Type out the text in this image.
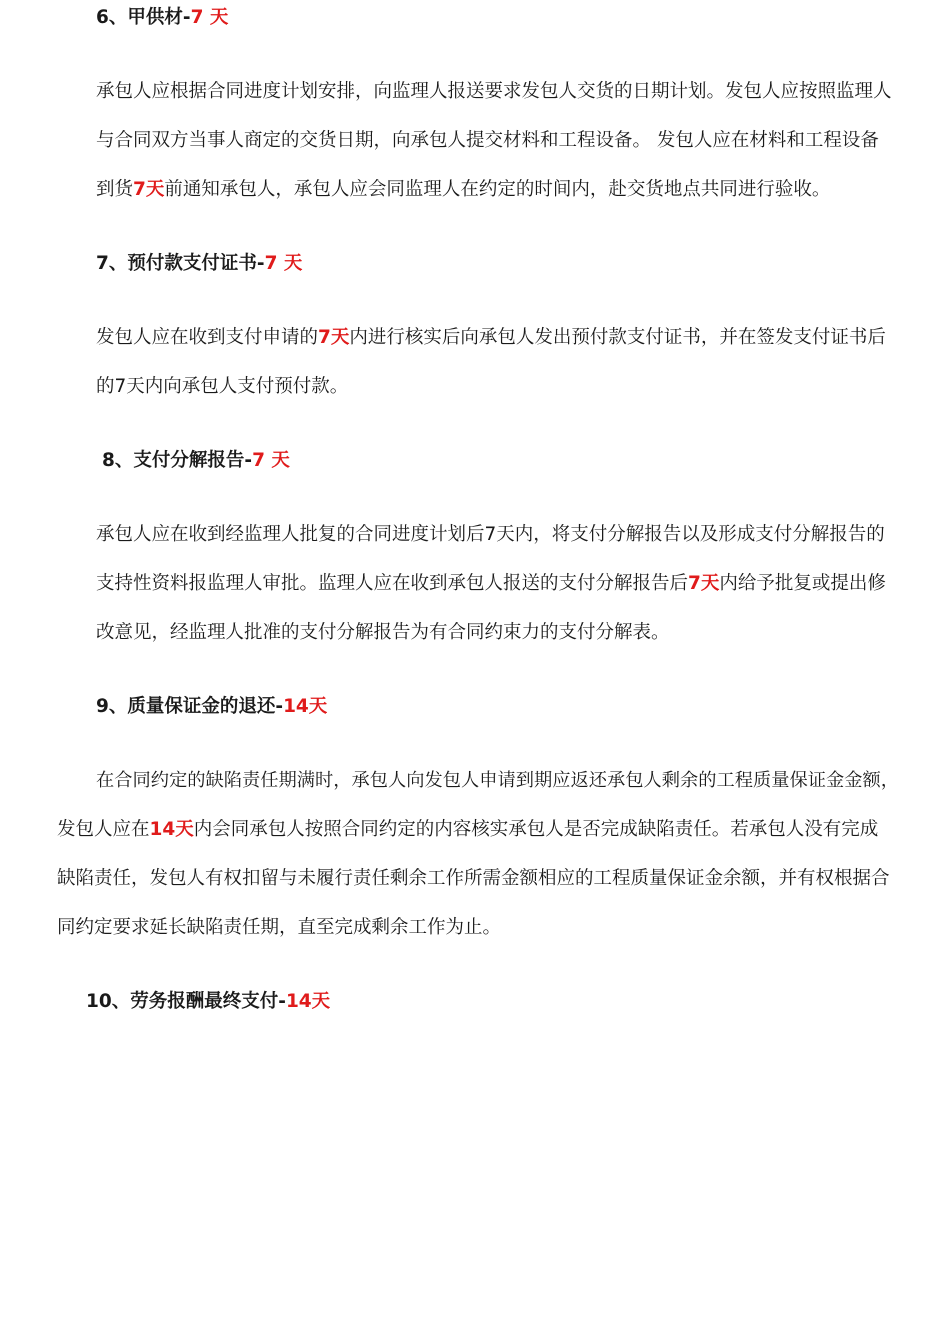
6、甲供材-7 天
承包人应根据合同进度计划安排，向监理人报送要求发包人交货的日期计划。发包人应按照监理人
与合同双方当事人商定的交货日期，向承包人提交材料和工程设备。 发包人应在材料和工程设备
到货7天前通知承包人，承包人应会同监理人在约定的时间内，赴交货地点共同进行验收。
7、预付款支付证书-7 天
发包人应在收到支付申请的7天内进行核实后向承包人发出预付款支付证书，并在签发支付证书后
的7天内向承包人支付预付款。
8、支付分解报告-7 天
承包人应在收到经监理人批复的合同进度计划后7天内，将支付分解报告以及形成支付分解报告的
支持性资料报监理人审批。监理人应在收到承包人报送的支付分解报告后7天内给予批复或提出修
改意见，经监理人批准的支付分解报告为有合同约束力的支付分解表。
9、质量保证金的退还-14天
在合同约定的缺陷责任期满时，承包人向发包人申请到期应返还承包人剩余的工程质量保证金金额，
发包人应在14天内会同承包人按照合同约定的内容核实承包人是否完成缺陷责任。若承包人没有完成
缺陷责任，发包人有权扣留与未履行责任剩余工作所需金额相应的工程质量保证金余额，并有权根据合
同约定要求延长缺陷责任期，直至完成剩余工作为止。
10、劳务报酬最终支付-14天
